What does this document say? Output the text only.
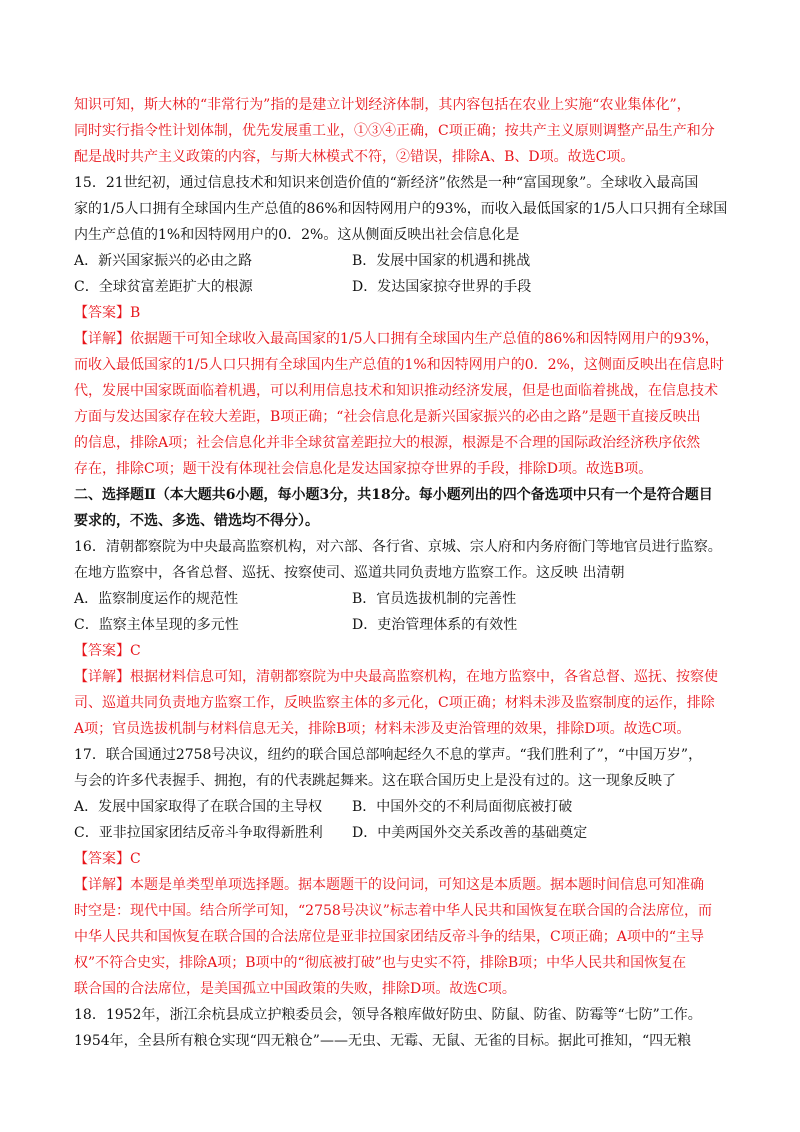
知识可知，斯大林的“非常行为”指的是建立计划经济体制，其内容包括在农业上实施“农业集体化”，
同时实行指令性计划体制，优先发展重工业，①③④正确，C项正确；按共产主义原则调整产品生产和分
配是战时共产主义政策的内容，与斯大林模式不符，②错误，排除A、B、D项。故选C项。
15．21世纪初，通过信息技术和知识来创造价值的“新经济”依然是一种“富国现象”。全球收入最高国
家的1/5人口拥有全球国内生产总值的86%和因特网用户的93%，而收入最低国家的1/5人口只拥有全球国
内生产总值的1%和因特网用户的0．2%。这从侧面反映出社会信息化是
A．新兴国家振兴的必由之路	B．发展中国家的机遇和挑战
C．全球贫富差距扩大的根源	D．发达国家掠夺世界的手段
【答案】B
【详解】依据题干可知全球收入最高国家的1/5人口拥有全球国内生产总值的86%和因特网用户的93%，
而收入最低国家的1/5人口只拥有全球国内生产总值的1%和因特网用户的0．2%，这侧面反映出在信息时
代，发展中国家既面临着机遇，可以利用信息技术和知识推动经济发展，但是也面临着挑战，在信息技术
方面与发达国家存在较大差距，B项正确；“社会信息化是新兴国家振兴的必由之路”是题干直接反映出
的信息，排除A项；社会信息化并非全球贫富差距拉大的根源，根源是不合理的国际政治经济秩序依然
存在，排除C项；题干没有体现社会信息化是发达国家掠夺世界的手段，排除D项。故选B项。
二、选择题Ⅱ（本大题共6小题，每小题3分，共18分。每小题列出的四个备选项中只有一个是符合题目
要求的，不选、多选、错选均不得分）。
16．清朝都察院为中央最高监察机构，对六部、各行省、京城、宗人府和内务府衙门等地官员进行监察。
在地方监察中，各省总督、巡抚、按察使司、巡道共同负责地方监察工作。这反映 出清朝
A．监察制度运作的规范性	B．官员选拔机制的完善性
C．监察主体呈现的多元性	D．吏治管理体系的有效性
【答案】C
【详解】根据材料信息可知，清朝都察院为中央最高监察机构，在地方监察中，各省总督、巡抚、按察使
司、巡道共同负责地方监察工作，反映监察主体的多元化，C项正确；材料未涉及监察制度的运作，排除
A项；官员选拔机制与材料信息无关，排除B项；材料未涉及吏治管理的效果，排除D项。故选C项。
17．联合国通过2758号决议，纽约的联合国总部响起经久不息的掌声。“我们胜利了”，“中国万岁”，
与会的许多代表握手、拥抱，有的代表跳起舞来。这在联合国历史上是没有过的。这一现象反映了
A．发展中国家取得了在联合国的主导权 B．中国外交的不利局面彻底被打破
C．亚非拉国家团结反帝斗争取得新胜利 D．中美两国外交关系改善的基础奠定
【答案】C
【详解】本题是单类型单项选择题。据本题题干的设问词，可知这是本质题。据本题时间信息可知准确
时空是：现代中国。结合所学可知，“2758号决议”标志着中华人民共和国恢复在联合国的合法席位，而
中华人民共和国恢复在联合国的合法席位是亚非拉国家团结反帝斗争的结果，C项正确；A项中的“主导
权”不符合史实，排除A项；B项中的“彻底被打破”也与史实不符，排除B项；中华人民共和国恢复在
联合国的合法席位，是美国孤立中国政策的失败，排除D项。故选C项。
18．1952年，浙江余杭县成立护粮委员会，领导各粮库做好防虫、防鼠、防雀、防霉等“七防”工作。
1954年，全县所有粮仓实现“四无粮仓”——无虫、无霉、无鼠、无雀的目标。据此可推知，“四无粮
